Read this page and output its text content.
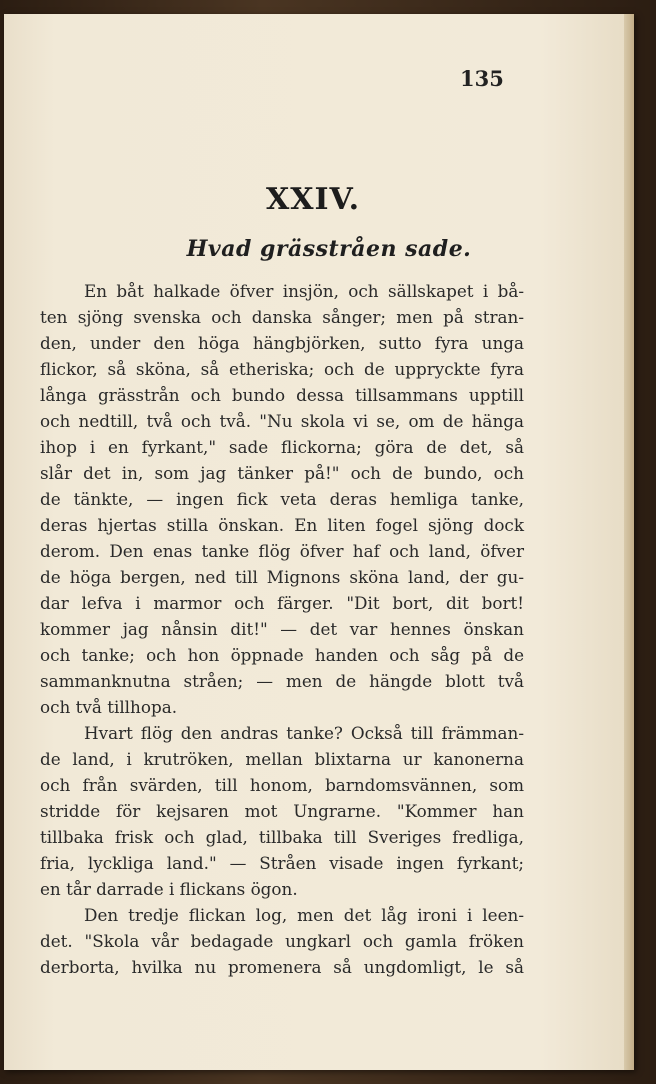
135
XXIV.
Hvad grässtråen sade.
En båt halkade öfver insjön, och sällskapet i bå-
ten sjöng svenska och danska sånger; men på stran-
den, under den höga hängbjörken, sutto fyra unga
flickor, så sköna, så etheriska; och de uppryckte fyra
långa grässtrån och bundo dessa tillsammans upptill
och nedtill, två och två. "Nu skola vi se, om de hänga
ihop i en fyrkant," sade flickorna; göra de det, så
slår det in, som jag tänker på!" och de bundo, och
de tänkte, — ingen fick veta deras hemliga tanke,
deras hjertas stilla önskan. En liten fogel sjöng dock
derom. Den enas tanke flög öfver haf och land, öfver
de höga bergen, ned till Mignons sköna land, der gu-
dar lefva i marmor och färger. "Dit bort, dit bort!
kommer jag nånsin dit!" — det var hennes önskan
och tanke; och hon öppnade handen och såg på de
sammanknutna stråen; — men de hängde blott två
och två tillhopa.
Hvart flög den andras tanke? Också till främman-
de land, i krutröken, mellan blixtarna ur kanonerna
och från svärden, till honom, barndomsvännen, som
stridde för kejsaren mot Ungrarne. "Kommer han
tillbaka frisk och glad, tillbaka till Sveriges fredliga,
fria, lyckliga land." — Stråen visade ingen fyrkant;
en tår darrade i flickans ögon.
Den tredje flickan log, men det låg ironi i leen-
det. "Skola vår bedagade ungkarl och gamla fröken
derborta, hvilka nu promenera så ungdomligt, le så
